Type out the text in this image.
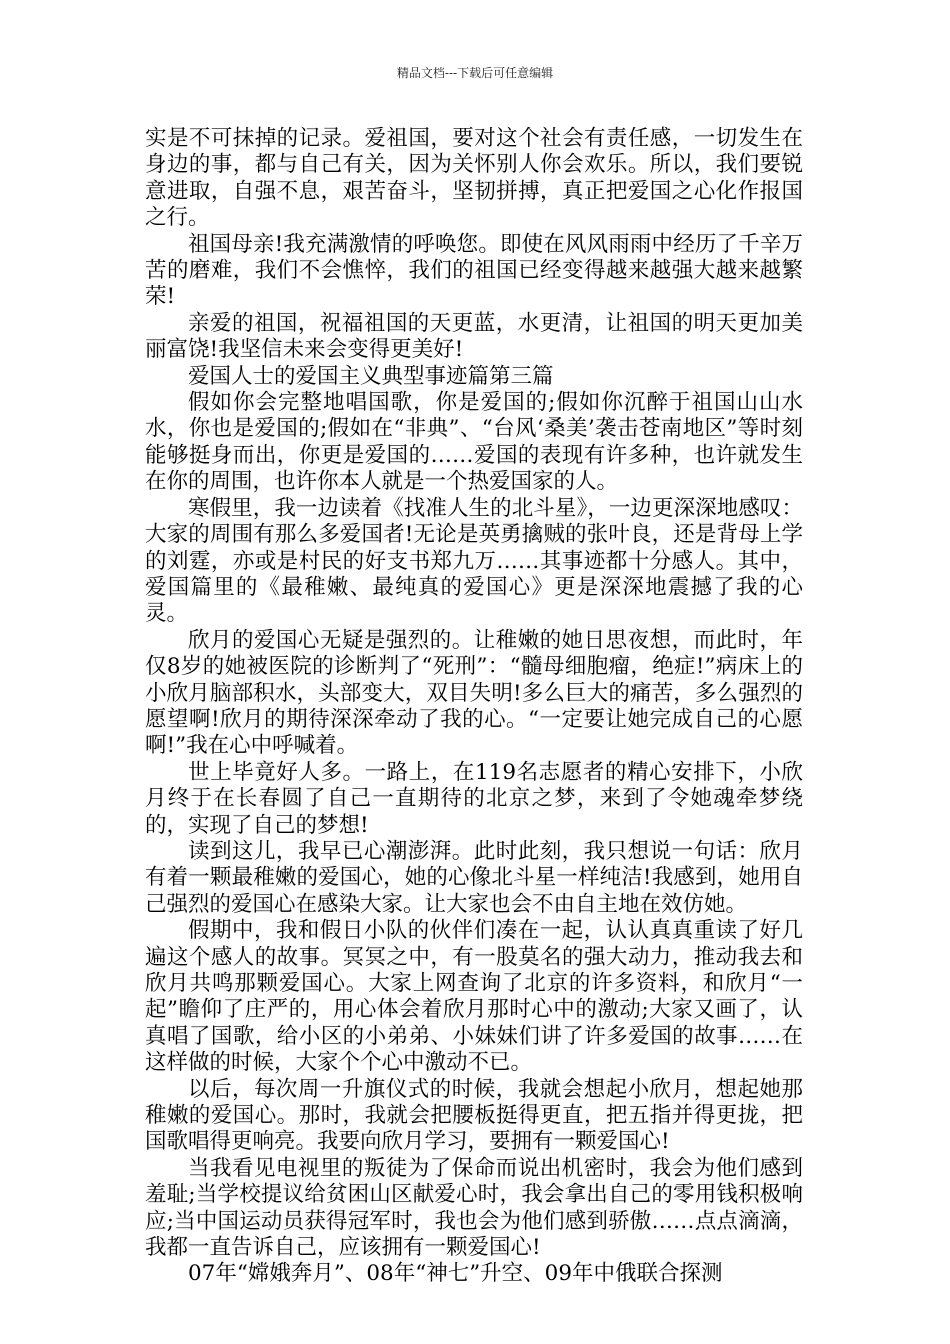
精品文档---下载后可任意编辑

实是不可抹掉的记录。爱祖国，要对这个社会有责任感，一切发生在身边的事，都与自己有关，因为关怀别人你会欢乐。所以，我们要锐意进取，自强不息，艰苦奋斗，坚韧拼搏，真正把爱国之心化作报国之行。

祖国母亲!我充满激情的呼唤您。即使在风风雨雨中经历了千辛万苦的磨难，我们不会憔悴，我们的祖国已经变得越来越强大越来越繁荣!

亲爱的祖国，祝福祖国的天更蓝，水更清，让祖国的明天更加美丽富饶!我坚信未来会变得更美好!

爱国人士的爱国主义典型事迹篇第三篇

假如你会完整地唱国歌，你是爱国的;假如你沉醉于祖国山山水水，你也是爱国的;假如在“非典”、“台风‘桑美’袭击苍南地区”等时刻能够挺身而出，你更是爱国的……爱国的表现有许多种，也许就发生在你的周围，也许你本人就是一个热爱国家的人。

寒假里，我一边读着《找准人生的北斗星》，一边更深深地感叹：大家的周围有那么多爱国者!无论是英勇擒贼的张叶良，还是背母上学的刘霆，亦或是村民的好支书郑九万……其事迹都十分感人。其中，爱国篇里的《最稚嫩、最纯真的爱国心》更是深深地震撼了我的心灵。

欣月的爱国心无疑是强烈的。让稚嫩的她日思夜想，而此时，年仅8岁的她被医院的诊断判了“死刑”：“髓母细胞瘤，绝症!”病床上的小欣月脑部积水，头部变大，双目失明!多么巨大的痛苦，多么强烈的愿望啊!欣月的期待深深牵动了我的心。“一定要让她完成自己的心愿啊!”我在心中呼喊着。

世上毕竟好人多。一路上，在119名志愿者的精心安排下，小欣月终于在长春圆了自己一直期待的北京之梦，来到了令她魂牵梦绕的，实现了自己的梦想!

读到这儿，我早已心潮澎湃。此时此刻，我只想说一句话：欣月有着一颗最稚嫩的爱国心，她的心像北斗星一样纯洁!我感到，她用自己强烈的爱国心在感染大家。让大家也会不由自主地在效仿她。

假期中，我和假日小队的伙伴们凑在一起，认认真真重读了好几遍这个感人的故事。冥冥之中，有一股莫名的强大动力，推动我去和欣月共鸣那颗爱国心。大家上网查询了北京的许多资料，和欣月“一起”瞻仰了庄严的，用心体会着欣月那时心中的激动;大家又画了，认真唱了国歌，给小区的小弟弟、小妹妹们讲了许多爱国的故事……在这样做的时候，大家个个心中激动不已。

以后，每次周一升旗仪式的时候，我就会想起小欣月，想起她那稚嫩的爱国心。那时，我就会把腰板挺得更直，把五指并得更拢，把国歌唱得更响亮。我要向欣月学习，要拥有一颗爱国心!

当我看见电视里的叛徒为了保命而说出机密时，我会为他们感到羞耻;当学校提议给贫困山区献爱心时，我会拿出自己的零用钱积极响应;当中国运动员获得冠军时，我也会为他们感到骄傲……点点滴滴，我都一直告诉自己，应该拥有一颗爱国心!

07年“嫦娥奔月”、08年“神七”升空、09年中俄联合探测
